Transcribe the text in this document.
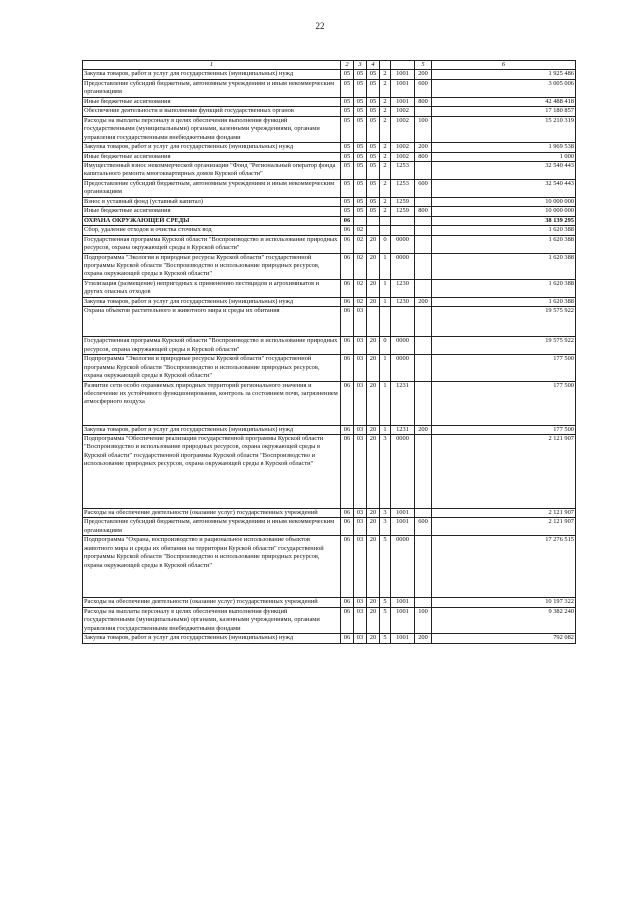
22
1	2	3	4			5	6
Закупка товаров, работ и услуг для государственных (муниципальных) нужд	05	05	05	2	1001	200	1 925 486
Предоставление субсидий бюджетным, автономным учреждениям и иным некоммерческим организациям	05	05	05	2	1001	600	3 005 006
Иные бюджетные ассигнования	05	05	05	2	1001	800	42 488 418
Обеспечение деятельности и выполнение функций государственных органов	05	05	05	2	1002		17 180 857
Расходы на выплаты персоналу в целях обеспечения выполнения функций государственными (муниципальными) органами, казенными учреждениями, органами управления государственными внебюджетными фондами	05	05	05	2	1002	100	15 210 319
Закупка товаров, работ и услуг для государственных (муниципальных) нужд	05	05	05	2	1002	200	1 969 538
Иные бюджетные ассигнования	05	05	05	2	1002	800	1 000
Имущественный взнос некоммерческой организации "Фонд "Региональный оператор фонда капитального ремонта многоквартирных домов Курской области"	05	05	05	2	1253		32 540 443
Предоставление субсидий бюджетным, автономным учреждениям и иным некоммерческим организациям	05	05	05	2	1253	600	32 540 443
Взнос в уставный фонд (уставный капитал)	05	05	05	2	1259		10 000 000
Иные бюджетные ассигнования	05	05	05	2	1259	800	10 000 000
ОХРАНА ОКРУЖАЮЩЕЙ СРЕДЫ	06						38 139 295
Сбор, удаление отходов и очистка сточных вод	06	02					1 620 388
Государственная программа Курской области "Воспроизводство и использование природных ресурсов, охрана окружающей среды в Курской области"	06	02	20	0	0000		1 620 388
Подпрограмма "Экология и природные ресурсы Курской области" государственной программы Курской области "Воспроизводство и использование природных ресурсов, охрана окружающей среды в Курской области"	06	02	20	1	0000		1 620 388
Утилизация (размещение) непригодных к применению пестицидов и агрохимикатов и других опасных отходов	06	02	20	1	1230		1 620 388
Закупка товаров, работ и услуг для государственных (муниципальных) нужд	06	02	20	1	1230	200	1 620 388
Охрана объектов растительного и животного мира и среды их обитания	06	03					19 575 922
Государственная программа Курской области "Воспроизводство и использование природных ресурсов, охрана окружающей среды в Курской области"	06	03	20	0	0000		19 575 922
Подпрограмма "Экология и природные ресурсы Курской области" государственной программы Курской области "Воспроизводство и использование природных ресурсов, охрана окружающей среды в Курской области"	06	03	20	1	0000		177 500
Развитие сети особо охраняемых природных территорий регионального значения и обеспечение их устойчивого функционирования, контроль за состоянием почв, загрязнением атмосферного воздуха	06	03	20	1	1231		177 500
Закупка товаров, работ и услуг для государственных (муниципальных) нужд	06	03	20	1	1231	200	177 500
Подпрограмма "Обеспечение реализации государственной программы Курской области "Воспроизводство и использование природных ресурсов, охрана окружающей среды в Курской области" государственной программы Курской области "Воспроизводство и использование природных ресурсов, охрана окружающей среды в Курской области"	06	03	20	3	0000		2 121 907
Расходы на обеспечение деятельности (оказание услуг) государственных учреждений	06	03	20	3	1001		2 121 907
Предоставление субсидий бюджетным, автономным учреждениям и иным некоммерческим организациям	06	03	20	3	1001	600	2 121 907
Подпрограмма "Охрана, воспроизводство и рациональное использование объектов животного мира и среды их обитания на территории Курской области" государственной программы Курской области "Воспроизводство и использование природных ресурсов, охрана окружающей среды в Курской области"	06	03	20	5	0000		17 276 515
Расходы на обеспечение деятельности (оказание услуг) государственных учреждений	06	03	20	5	1001		10 197 322
Расходы на выплаты персоналу в целях обеспечения выполнения функций государственными (муниципальными) органами, казенными учреждениями, органами управления государственными внебюджетными фондами	06	03	20	5	1001	100	9 382 240
Закупка товаров, работ и услуг для государственных (муниципальных) нужд	06	03	20	5	1001	200	792 082
